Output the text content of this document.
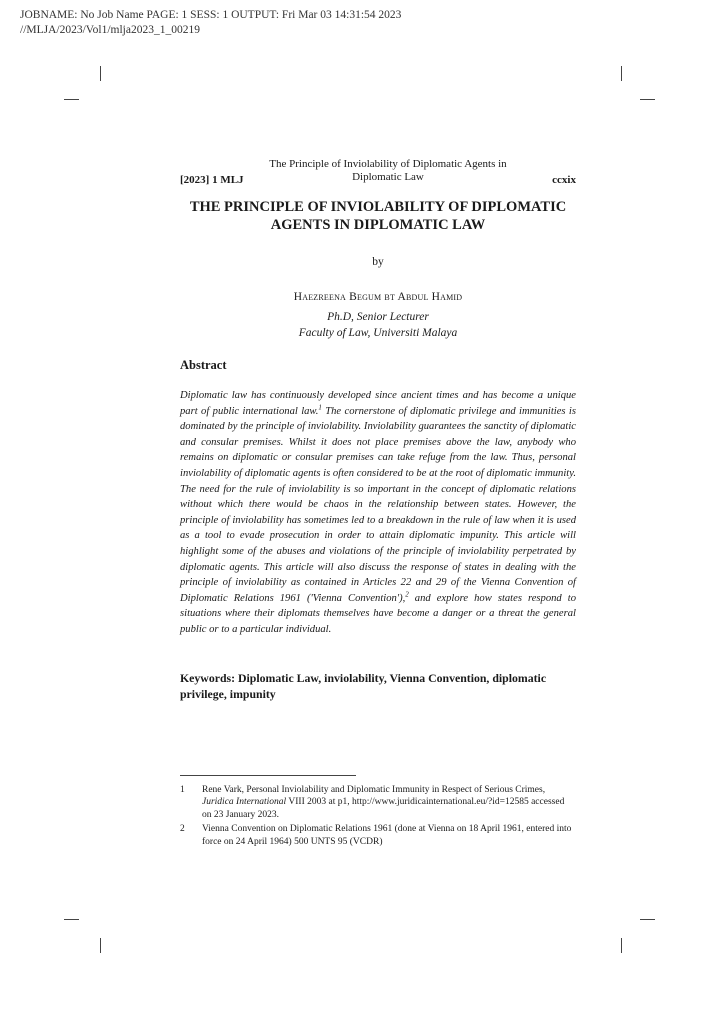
JOBNAME: No Job Name PAGE: 1 SESS: 1 OUTPUT: Fri Mar 03 14:31:54 2023
//MLJA/2023/Vol1/mlja2023_1_00219
[2023] 1 MLJ
The Principle of Inviolability of Diplomatic Agents in
Diplomatic Law	ccxix
THE PRINCIPLE OF INVIOLABILITY OF DIPLOMATIC
AGENTS IN DIPLOMATIC LAW
by
Haezreena Begum bt Abdul Hamid
Ph.D, Senior Lecturer
Faculty of Law, Universiti Malaya
Abstract

Diplomatic law has continuously developed since ancient times and has become a unique part of public international law.$^1$ The cornerstone of diplomatic privilege and immunities is dominated by the principle of inviolability. Inviolability guarantees the sanctity of diplomatic and consular premises. Whilst it does not place premises above the law, anybody who remains on diplomatic or consular premises can take refuge from the law. Thus, personal inviolability of diplomatic agents is often considered to be at the root of diplomatic immunity. The need for the rule of inviolability is so important in the concept of diplomatic relations without which there would be chaos in the relationship between states. However, the principle of inviolability has sometimes led to a breakdown in the rule of law when it is used as a tool to evade prosecution in order to attain diplomatic impunity. This article will highlight some of the abuses and violations of the principle of inviolability perpetrated by diplomatic agents. This article will also discuss the response of states in dealing with the principle of inviolability as contained in Articles 22 and 29 of the Vienna Convention of Diplomatic Relations 1961 ('Vienna Convention'),$^2$ and explore how states respond to situations where their diplomats themselves have become a danger or a threat the general public or to a particular individual.

Keywords: Diplomatic Law, inviolability, Vienna Convention, diplomatic privilege, impunity

1	Rene Vark, Personal Inviolability and Diplomatic Immunity in Respect of Serious Crimes, Juridica International VIII 2003 at p1, http://www.juridicainternational.eu/?id=12585 accessed on 23 January 2023.
2	Vienna Convention on Diplomatic Relations 1961 (done at Vienna on 18 April 1961, entered into force on 24 April 1964) 500 UNTS 95 (VCDR)
